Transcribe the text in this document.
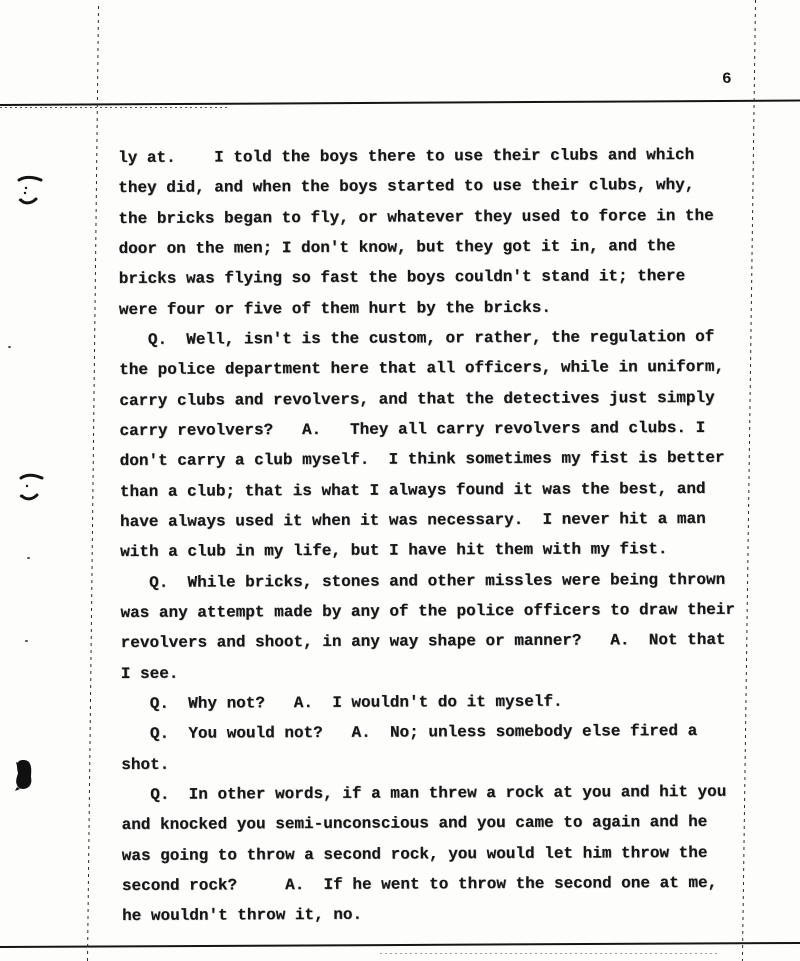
6
ly at.    I told the boys there to use their clubs and which
they did, and when the boys started to use their clubs, why,
the bricks began to fly, or whatever they used to force in the
door on the men; I don't know, but they got it in, and the
bricks was flying so fast the boys couldn't stand it; there
were four or five of them hurt by the bricks.
Q.  Well, isn't is the custom, or rather, the regulation of
the police department here that all officers, while in uniform,
carry clubs and revolvers, and that the detectives just simply
carry revolvers?   A.   They all carry revolvers and clubs. I
don't carry a club myself.  I think sometimes my fist is better
than a club; that is what I always found it was the best, and
have always used it when it was necessary.  I never hit a man
with a club in my life, but I have hit them with my fist.
Q.  While bricks, stones and other missles were being thrown
was any attempt made by any of the police officers to draw their
revolvers and shoot, in any way shape or manner?   A.  Not that
I see.
Q.  Why not?   A.  I wouldn't do it myself.
Q.  You would not?   A.  No; unless somebody else fired a
shot.
Q.  In other words, if a man threw a rock at you and hit you
and knocked you semi-unconscious and you came to again and he
was going to throw a second rock, you would let him throw the
second rock?     A.  If he went to throw the second one at me,
he wouldn't throw it, no.
